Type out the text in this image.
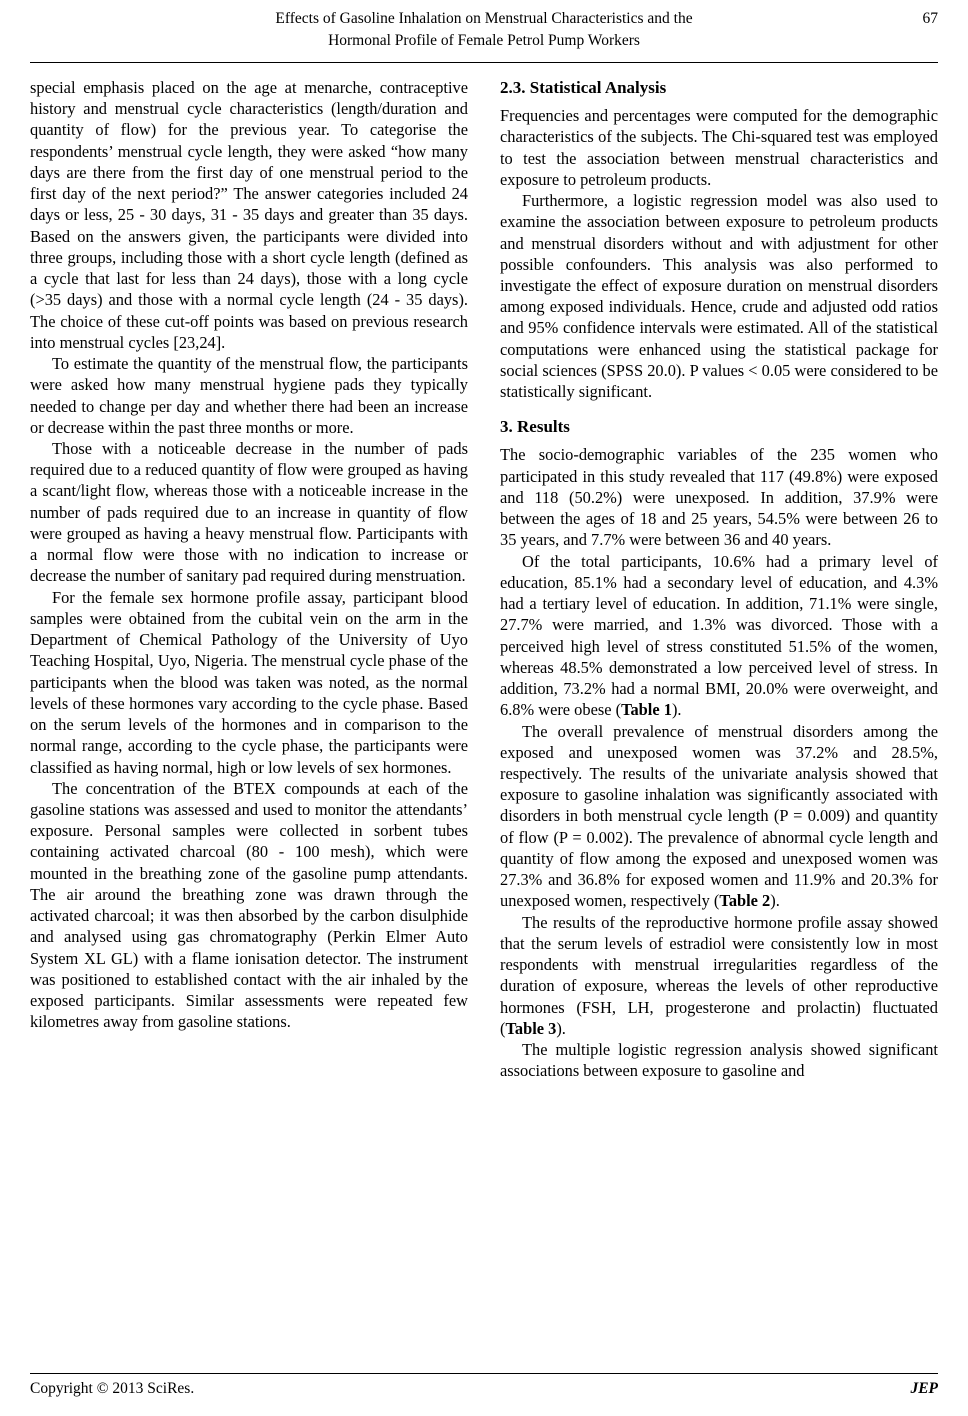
Effects of Gasoline Inhalation on Menstrual Characteristics and the
Hormonal Profile of Female Petrol Pump Workers
67

special emphasis placed on the age at menarche, contraceptive history and menstrual cycle characteristics (length/duration and quantity of flow) for the previous year. To categorise the respondents’ menstrual cycle length, they were asked “how many days are there from the first day of one menstrual period to the first day of the next period?” The answer categories included 24 days or less, 25 - 30 days, 31 - 35 days and greater than 35 days. Based on the answers given, the participants were divided into three groups, including those with a short cycle length (defined as a cycle that last for less than 24 days), those with a long cycle (>35 days) and those with a normal cycle length (24 - 35 days). The choice of these cut-off points was based on previous research into menstrual cycles [23,24].

To estimate the quantity of the menstrual flow, the participants were asked how many menstrual hygiene pads they typically needed to change per day and whether there had been an increase or decrease within the past three months or more.

Those with a noticeable decrease in the number of pads required due to a reduced quantity of flow were grouped as having a scant/light flow, whereas those with a noticeable increase in the number of pads required due to an increase in quantity of flow were grouped as having a heavy menstrual flow. Participants with a normal flow were those with no indication to increase or decrease the number of sanitary pad required during menstruation.

For the female sex hormone profile assay, participant blood samples were obtained from the cubital vein on the arm in the Department of Chemical Pathology of the University of Uyo Teaching Hospital, Uyo, Nigeria. The menstrual cycle phase of the participants when the blood was taken was noted, as the normal levels of these hormones vary according to the cycle phase. Based on the serum levels of the hormones and in comparison to the normal range, according to the cycle phase, the participants were classified as having normal, high or low levels of sex hormones.

The concentration of the BTEX compounds at each of the gasoline stations was assessed and used to monitor the attendants’ exposure. Personal samples were collected in sorbent tubes containing activated charcoal (80 - 100 mesh), which were mounted in the breathing zone of the gasoline pump attendants. The air around the breathing zone was drawn through the activated charcoal; it was then absorbed by the carbon disulphide and analysed using gas chromatography (Perkin Elmer Auto System XL GL) with a flame ionisation detector. The instrument was positioned to established contact with the air inhaled by the exposed participants. Similar assessments were repeated few kilometres away from gasoline stations.

2.3. Statistical Analysis

Frequencies and percentages were computed for the demographic characteristics of the subjects. The Chi-squared test was employed to test the association between menstrual characteristics and exposure to petroleum products.

Furthermore, a logistic regression model was also used to examine the association between exposure to petroleum products and menstrual disorders without and with adjustment for other possible confounders. This analysis was also performed to investigate the effect of exposure duration on menstrual disorders among exposed individuals. Hence, crude and adjusted odd ratios and 95% confidence intervals were estimated. All of the statistical computations were enhanced using the statistical package for social sciences (SPSS 20.0). P values < 0.05 were considered to be statistically significant.

3. Results

The socio-demographic variables of the 235 women who participated in this study revealed that 117 (49.8%) were exposed and 118 (50.2%) were unexposed. In addition, 37.9% were between the ages of 18 and 25 years, 54.5% were between 26 to 35 years, and 7.7% were between 36 and 40 years.

Of the total participants, 10.6% had a primary level of education, 85.1% had a secondary level of education, and 4.3% had a tertiary level of education. In addition, 71.1% were single, 27.7% were married, and 1.3% was divorced. Those with a perceived high level of stress constituted 51.5% of the women, whereas 48.5% demonstrated a low perceived level of stress. In addition, 73.2% had a normal BMI, 20.0% were overweight, and 6.8% were obese (Table 1).

The overall prevalence of menstrual disorders among the exposed and unexposed women was 37.2% and 28.5%, respectively. The results of the univariate analysis showed that exposure to gasoline inhalation was significantly associated with disorders in both menstrual cycle length (P = 0.009) and quantity of flow (P = 0.002). The prevalence of abnormal cycle length and quantity of flow among the exposed and unexposed women was 27.3% and 36.8% for exposed women and 11.9% and 20.3% for unexposed women, respectively (Table 2).

The results of the reproductive hormone profile assay showed that the serum levels of estradiol were consistently low in most respondents with menstrual irregularities regardless of the duration of exposure, whereas the levels of other reproductive hormones (FSH, LH, progesterone and prolactin) fluctuated (Table 3).

The multiple logistic regression analysis showed significant associations between exposure to gasoline and

Copyright © 2013 SciRes.	JEP
